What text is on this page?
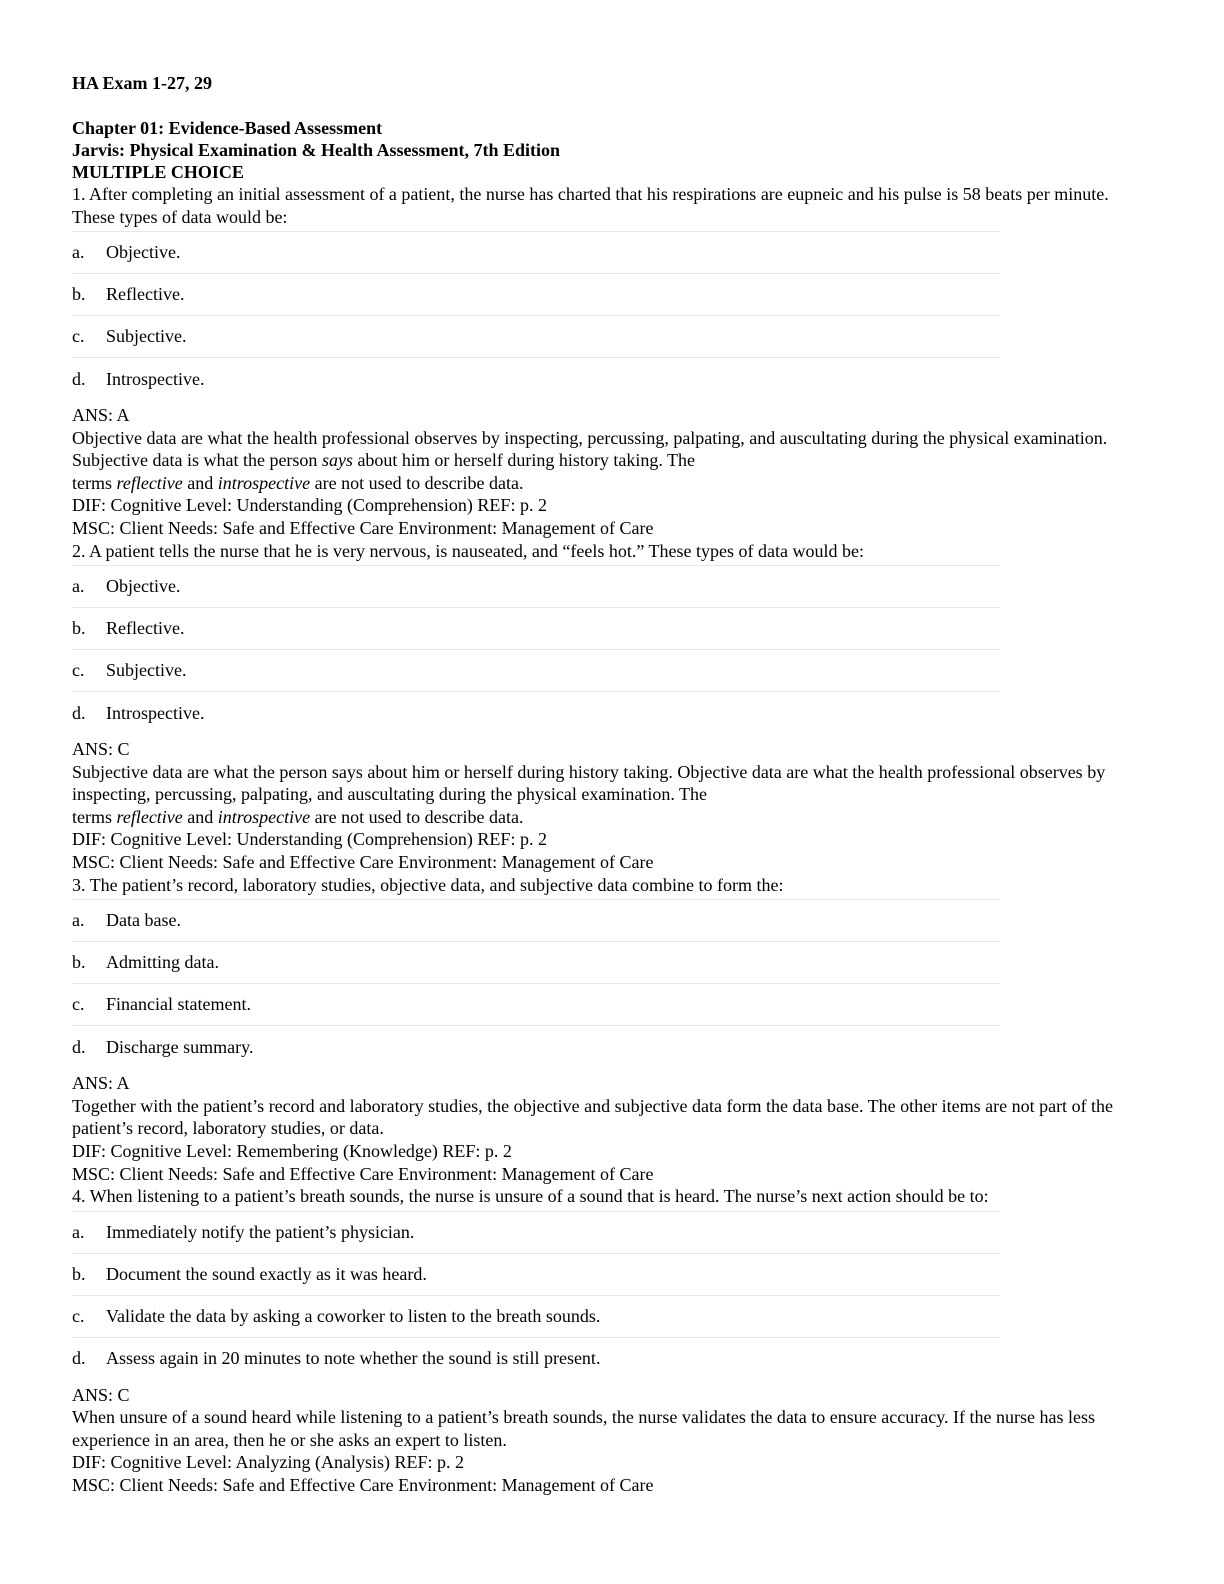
HA Exam 1-27, 29
Chapter 01: Evidence-Based Assessment
Jarvis: Physical Examination & Health Assessment, 7th Edition
MULTIPLE CHOICE
1. After completing an initial assessment of a patient, the nurse has charted that his respirations are eupneic and his pulse is 58 beats per minute. These types of data would be:
a.	Objective.
b.	Reflective.
c.	Subjective.
d.	Introspective.
ANS: A
Objective data are what the health professional observes by inspecting, percussing, palpating, and auscultating during the physical examination. Subjective data is what the person says about him or herself during history taking. The
terms reflective and introspective are not used to describe data.
DIF: Cognitive Level: Understanding (Comprehension) REF: p. 2
MSC: Client Needs: Safe and Effective Care Environment: Management of Care
2. A patient tells the nurse that he is very nervous, is nauseated, and “feels hot.” These types of data would be:
a.	Objective.
b.	Reflective.
c.	Subjective.
d.	Introspective.
ANS: C
Subjective data are what the person says about him or herself during history taking. Objective data are what the health professional observes by inspecting, percussing, palpating, and auscultating during the physical examination. The
terms reflective and introspective are not used to describe data.
DIF: Cognitive Level: Understanding (Comprehension) REF: p. 2
MSC: Client Needs: Safe and Effective Care Environment: Management of Care
3. The patient’s record, laboratory studies, objective data, and subjective data combine to form the:
a.	Data base.
b.	Admitting data.
c.	Financial statement.
d.	Discharge summary.
ANS: A
Together with the patient’s record and laboratory studies, the objective and subjective data form the data base. The other items are not part of the patient’s record, laboratory studies, or data.
DIF: Cognitive Level: Remembering (Knowledge) REF: p. 2
MSC: Client Needs: Safe and Effective Care Environment: Management of Care
4. When listening to a patient’s breath sounds, the nurse is unsure of a sound that is heard. The nurse’s next action should be to:
a.	Immediately notify the patient’s physician.
b.	Document the sound exactly as it was heard.
c.	Validate the data by asking a coworker to listen to the breath sounds.
d.	Assess again in 20 minutes to note whether the sound is still present.
ANS: C
When unsure of a sound heard while listening to a patient’s breath sounds, the nurse validates the data to ensure accuracy. If the nurse has less experience in an area, then he or she asks an expert to listen.
DIF: Cognitive Level: Analyzing (Analysis) REF: p. 2
MSC: Client Needs: Safe and Effective Care Environment: Management of Care
